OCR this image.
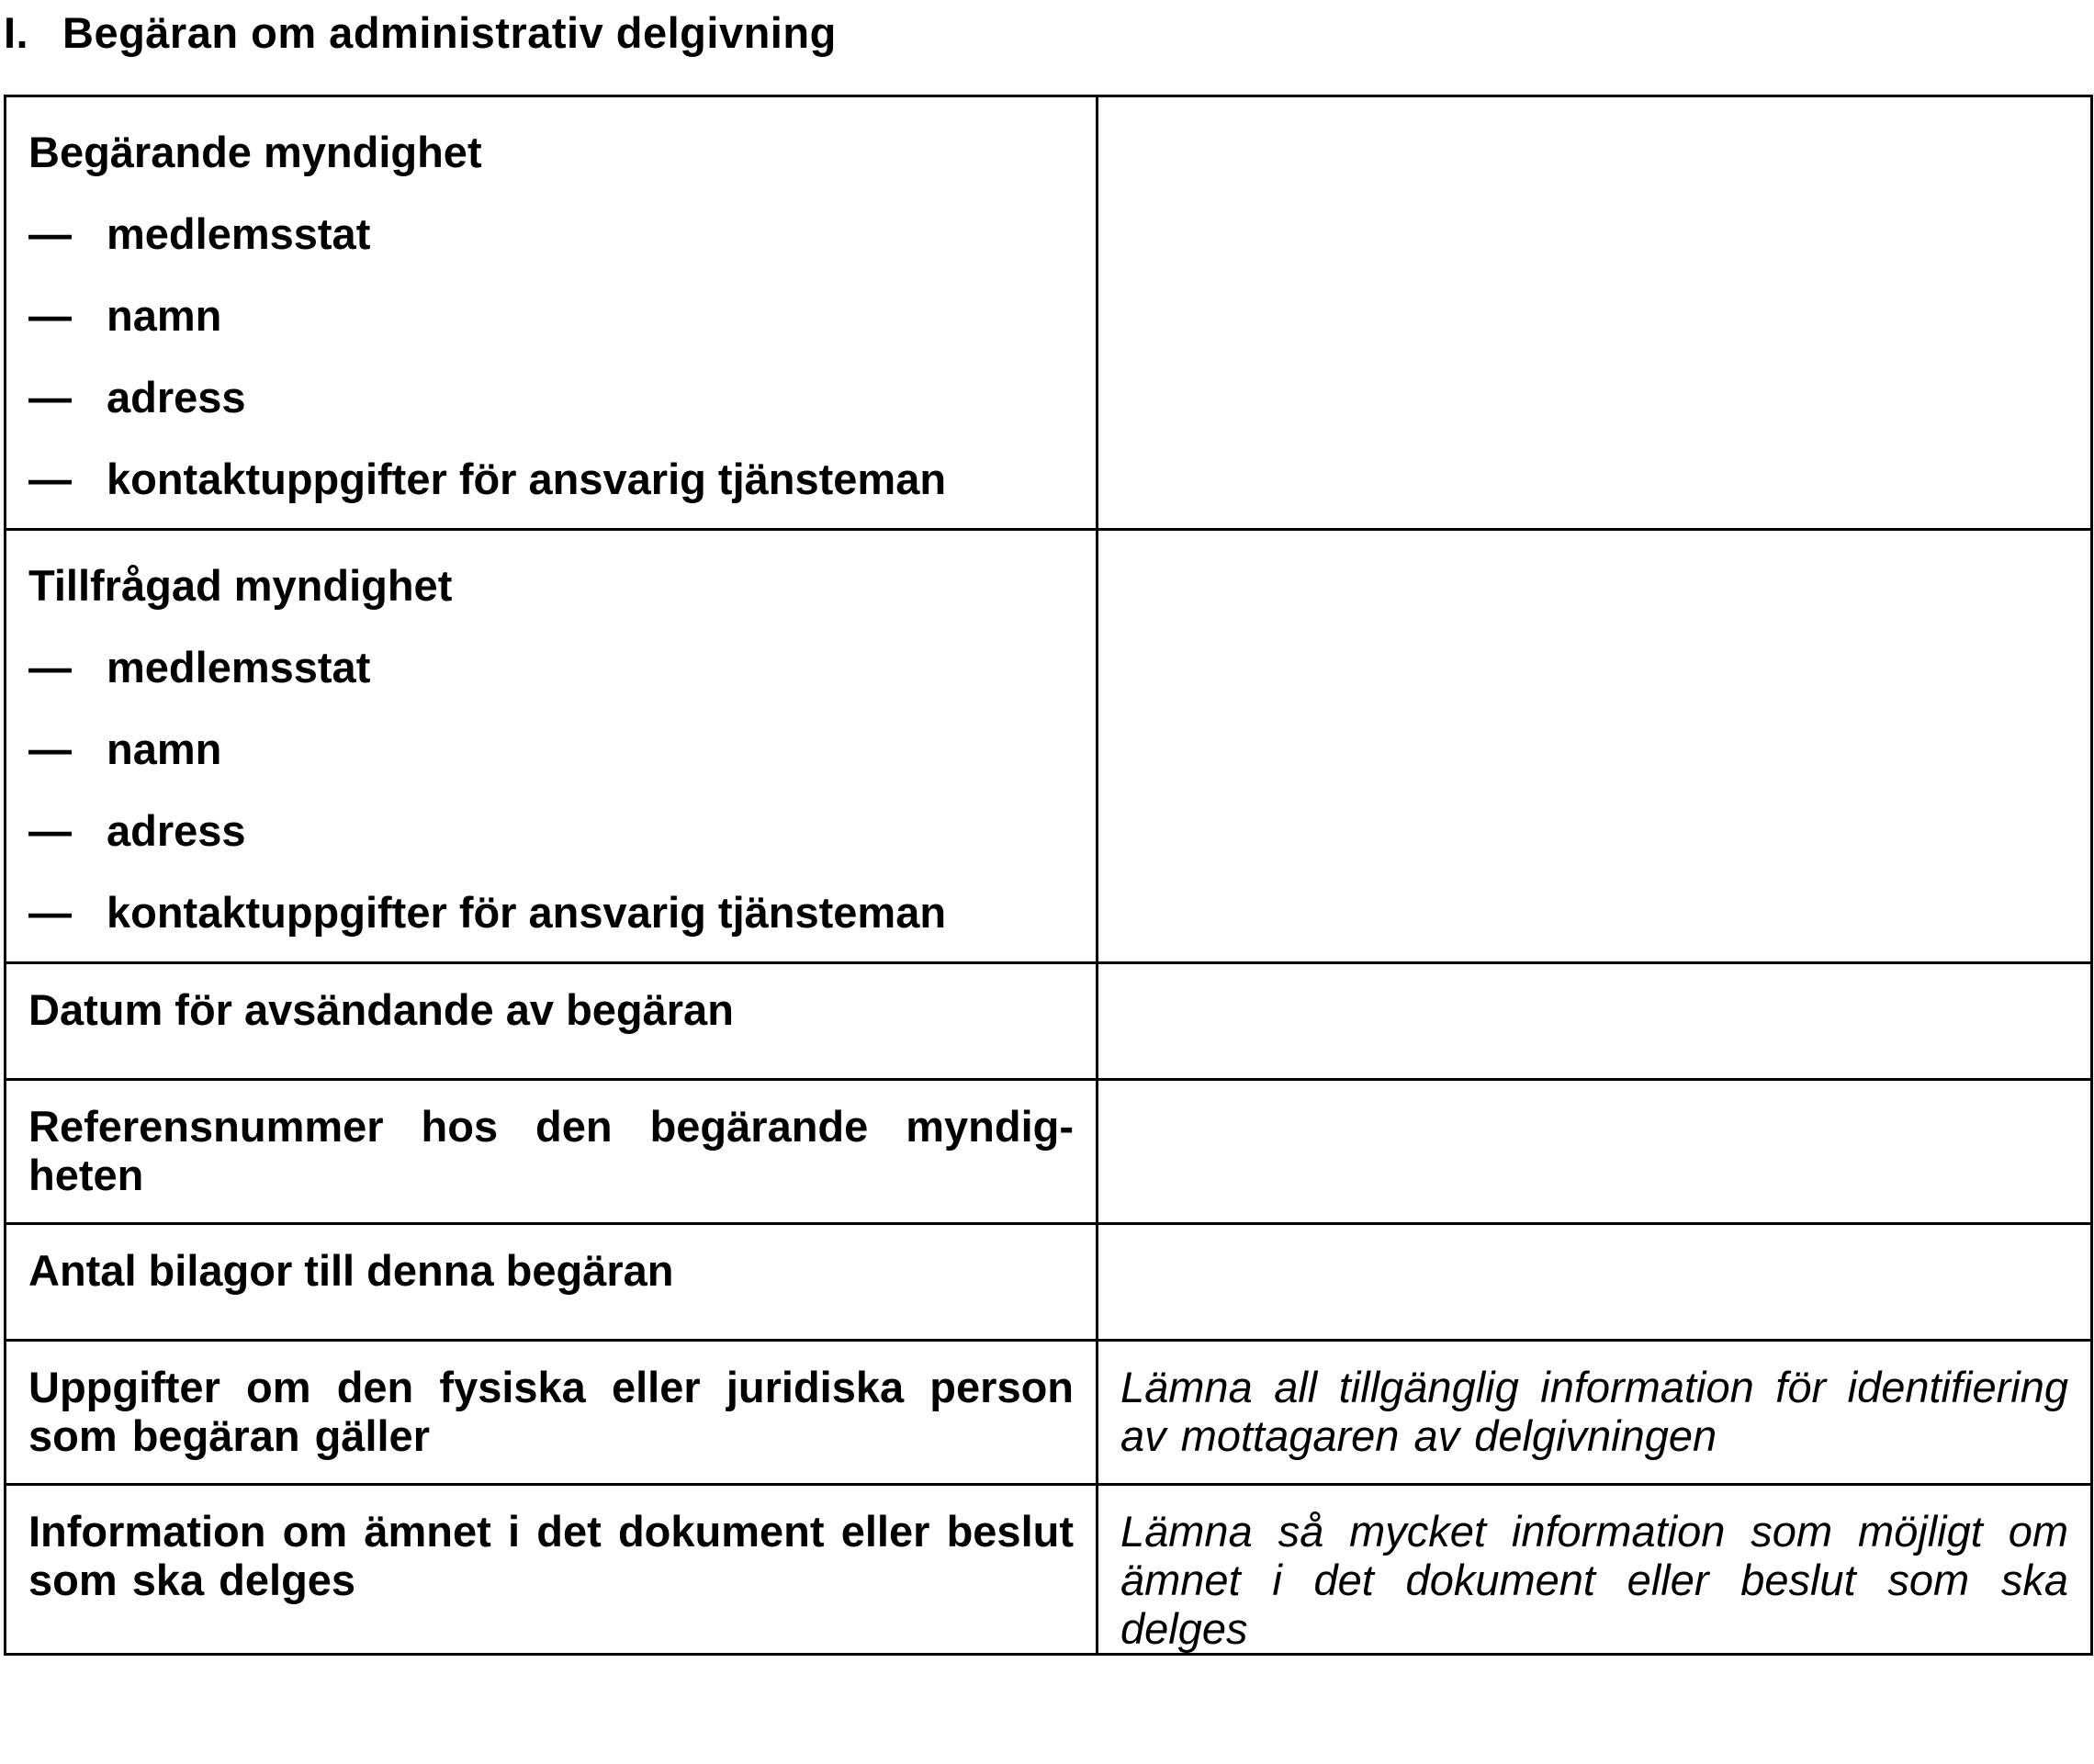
I. Begäran om administrativ delgivning
Begärande myndighet
— medlemsstat
— namn
— adress
— kontaktuppgifter för ansvarig tjänsteman	

Tillfrågad myndighet
— medlemsstat
— namn
— adress
— kontaktuppgifter för ansvarig tjänsteman	

Datum för avsändande av begäran	

Referensnummer hos den begärande myndigheten	

Antal bilagor till denna begäran	

Uppgifter om den fysiska eller juridiska person som begäran gäller	Lämna all tillgänglig information för identifiering av mottagaren av delgivningen

Information om ämnet i det dokument eller beslut som ska delges	Lämna så mycket information som möjligt om ämnet i det dokument eller beslut som ska delges
